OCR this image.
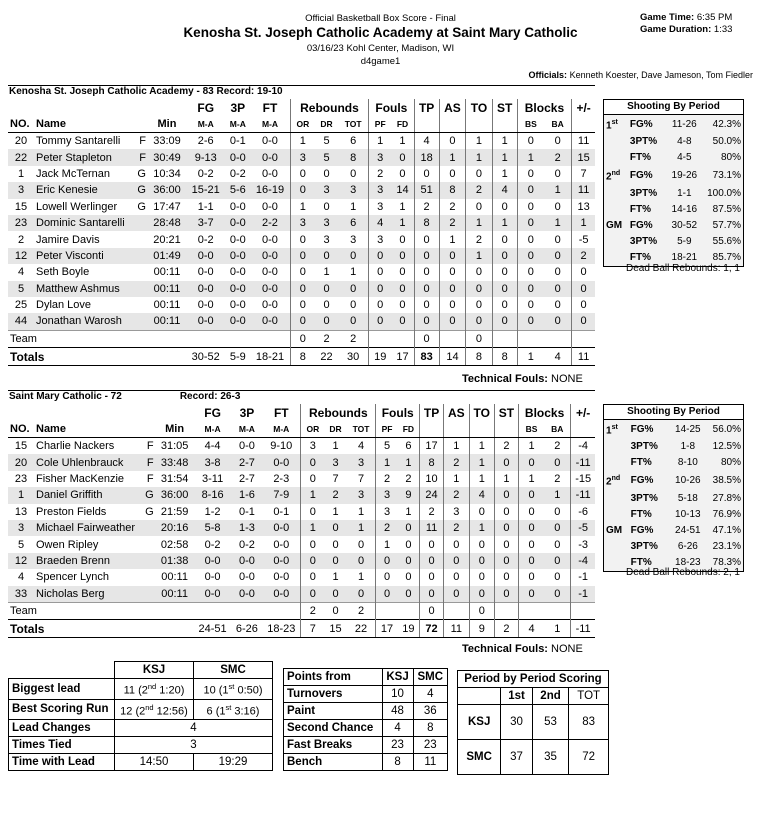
Official Basketball Box Score - Final
Kenosha St. Joseph Catholic Academy at Saint Mary Catholic
03/16/23 Kohl Center, Madison, WI
d4game1
Game Time: 6:35 PM
Game Duration: 1:33
Officials: Kenneth Koester, Dave Jameson, Tom Fiedler
Kenosha St. Joseph Catholic Academy - 83 Record: 19-10
			FG	3P	FT	Rebounds			Fouls		TP	AS	TO	ST	Blocks		+/-
NO.	Name	Min	M-A	M-A	M-A	OR	DR	TOT	PF	FD					BS	BA	
20	Tommy Santarelli F	33:09	2-6	0-1	0-0	1	5	6	1	1	4	0	1	1	0	0	11
22	Peter Stapleton F	30:49	9-13	0-0	0-0	3	5	8	3	0	18	1	1	1	1	2	15
1	Jack McTernan G	10:34	0-2	0-2	0-0	0	0	0	2	0	0	0	0	1	0	0	7
3	Eric Kenesie G	36:00	15-21	5-6	16-19	0	3	3	3	14	51	8	2	4	0	1	11
15	Lowell Werlinger G	17:47	1-1	0-0	0-0	1	0	1	3	1	2	2	0	0	0	0	13
23	Dominic Santarelli	28:48	3-7	0-0	2-2	3	3	6	4	1	8	2	1	1	0	1	1
2	Jamire Davis	20:21	0-2	0-0	0-0	0	3	3	3	0	0	1	2	0	0	0	-5
12	Peter Visconti	01:49	0-0	0-0	0-0	0	0	0	0	0	0	0	1	0	0	0	2
4	Seth Boyle	00:11	0-0	0-0	0-0	0	1	1	0	0	0	0	0	0	0	0	0
5	Matthew Ashmus	00:11	0-0	0-0	0-0	0	0	0	0	0	0	0	0	0	0	0	0
25	Dylan Love	00:11	0-0	0-0	0-0	0	0	0	0	0	0	0	0	0	0	0	0
44	Jonathan Warosh	00:11	0-0	0-0	0-0	0	0	0	0	0	0	0	0	0	0	0	0
Team						0	2	2			0		0				
Totals			30-52	5-9	18-21	8	22	30	19	17	83	14	8	8	1	4	11
Shooting By Period
1st	FG%	11-26	42.3%
	3PT%	4-8	50.0%
	FT%	4-5	80%
2nd	FG%	19-26	73.1%
	3PT%	1-1	100.0%
	FT%	14-16	87.5%
GM	FG%	30-52	57.7%
	3PT%	5-9	55.6%
	FT%	18-21	85.7%
Dead Ball Rebounds: 1, 1
Technical Fouls: NONE
Saint Mary Catholic - 72	Record: 26-3
			FG	3P	FT	Rebounds			Fouls		TP	AS	TO	ST	Blocks		+/-
NO.	Name	Min	M-A	M-A	M-A	OR	DR	TOT	PF	FD					BS	BA	
15	Charlie Nackers F	31:05	4-4	0-0	9-10	3	1	4	5	6	17	1	1	2	1	2	-4
20	Cole Uhlenbrauck F	33:48	3-8	2-7	0-0	0	3	3	1	1	8	2	1	0	0	0	-11
23	Fisher MacKenzie F	31:54	3-11	2-7	2-3	0	7	7	2	2	10	1	1	1	1	2	-15
1	Daniel Griffith G	36:00	8-16	1-6	7-9	1	2	3	3	9	24	2	4	0	0	1	-11
13	Preston Fields G	21:59	1-2	0-1	0-1	0	1	1	3	1	2	3	0	0	0	0	-6
3	Michael Fairweather	20:16	5-8	1-3	0-0	1	0	1	2	0	11	2	1	0	0	0	-5
5	Owen Ripley	02:58	0-2	0-2	0-0	0	0	0	1	0	0	0	0	0	0	0	-3
12	Braeden Brenn	01:38	0-0	0-0	0-0	0	0	0	0	0	0	0	0	0	0	0	-4
4	Spencer Lynch	00:11	0-0	0-0	0-0	0	1	1	0	0	0	0	0	0	0	0	-1
33	Nicholas Berg	00:11	0-0	0-0	0-0	0	0	0	0	0	0	0	0	0	0	0	-1
Team						2	0	2			0		0				
Totals			24-51	6-26	18-23	7	15	22	17	19	72	11	9	2	4	1	-11
Shooting By Period
1st	FG%	14-25	56.0%
	3PT%	1-8	12.5%
	FT%	8-10	80%
2nd	FG%	10-26	38.5%
	3PT%	5-18	27.8%
	FT%	10-13	76.9%
GM	FG%	24-51	47.1%
	3PT%	6-26	23.1%
	FT%	18-23	78.3%
Dead Ball Rebounds: 2, 1
Technical Fouls: NONE
	KSJ	SMC
Biggest lead	11 (2nd 1:20)	10 (1st 0:50)
Best Scoring Run	12 (2nd 12:56)	6 (1st 3:16)
Lead Changes	4	
Times Tied	3	
Time with Lead	14:50	19:29
Points from	KSJ	SMC
Turnovers	10	4
Paint	48	36
Second Chance	4	8
Fast Breaks	23	23
Bench	8	11
Period by Period Scoring			
	1st	2nd	TOT
KSJ	30	53	83
SMC	37	35	72
